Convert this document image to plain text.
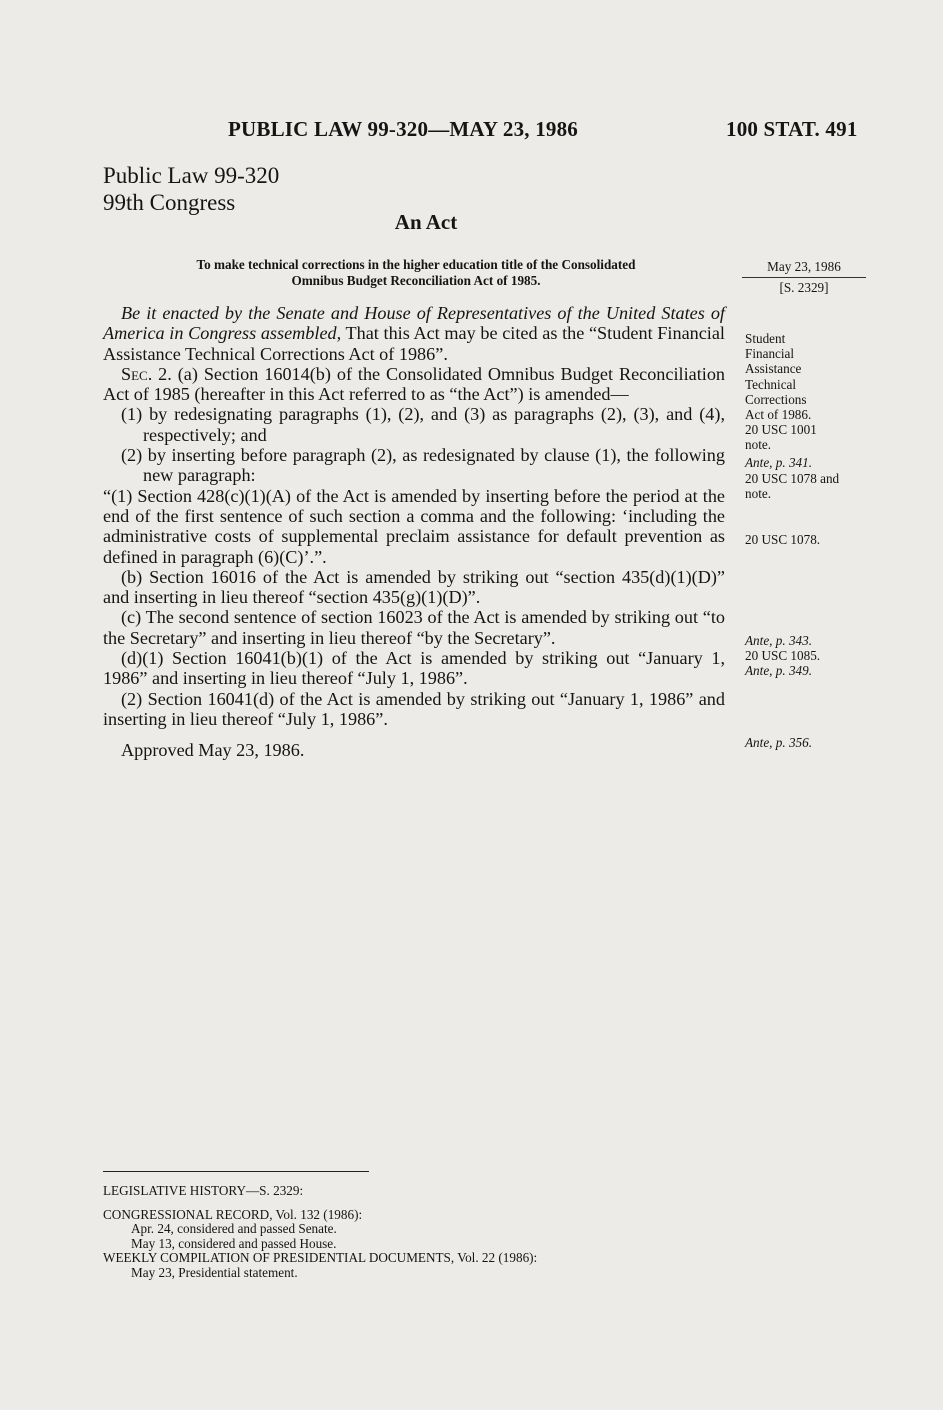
PUBLIC LAW 99-320—MAY 23, 1986	100 STAT. 491
Public Law 99-320
99th Congress
An Act
To make technical corrections in the higher education title of the Consolidated
Omnibus Budget Reconciliation Act of 1985.
May 23, 1986
[S. 2329]

Be it enacted by the Senate and House of Representatives of the United States of America in Congress assembled, That this Act may be cited as the “Student Financial Assistance Technical Corrections Act of 1986”.

Sec. 2. (a) Section 16014(b) of the Consolidated Omnibus Budget Reconciliation Act of 1985 (hereafter in this Act referred to as “the Act”) is amended—

(1) by redesignating paragraphs (1), (2), and (3) as paragraphs (2), (3), and (4), respectively; and

(2) by inserting before paragraph (2), as redesignated by clause (1), the following new paragraph:

“(1) Section 428(c)(1)(A) of the Act is amended by inserting before the period at the end of the first sentence of such section a comma and the following: ‘including the administrative costs of supplemental preclaim assistance for default prevention as defined in paragraph (6)(C)’.”.

(b) Section 16016 of the Act is amended by striking out “section 435(d)(1)(D)” and inserting in lieu thereof “section 435(g)(1)(D)”.

(c) The second sentence of section 16023 of the Act is amended by striking out “to the Secretary” and inserting in lieu thereof “by the Secretary”.

(d)(1) Section 16041(b)(1) of the Act is amended by striking out “January 1, 1986” and inserting in lieu thereof “July 1, 1986”.

(2) Section 16041(d) of the Act is amended by striking out “January 1, 1986” and inserting in lieu thereof “July 1, 1986”.

Approved May 23, 1986.

Student
Financial
Assistance
Technical
Corrections
Act of 1986.
20 USC 1001
note.
Ante, p. 341.
20 USC 1078 and
note.
20 USC 1078.
Ante, p. 343.
20 USC 1085.
Ante, p. 349.
Ante, p. 356.
LEGISLATIVE HISTORY—S. 2329:
CONGRESSIONAL RECORD, Vol. 132 (1986):
Apr. 24, considered and passed Senate.
May 13, considered and passed House.
WEEKLY COMPILATION OF PRESIDENTIAL DOCUMENTS, Vol. 22 (1986):
May 23, Presidential statement.
